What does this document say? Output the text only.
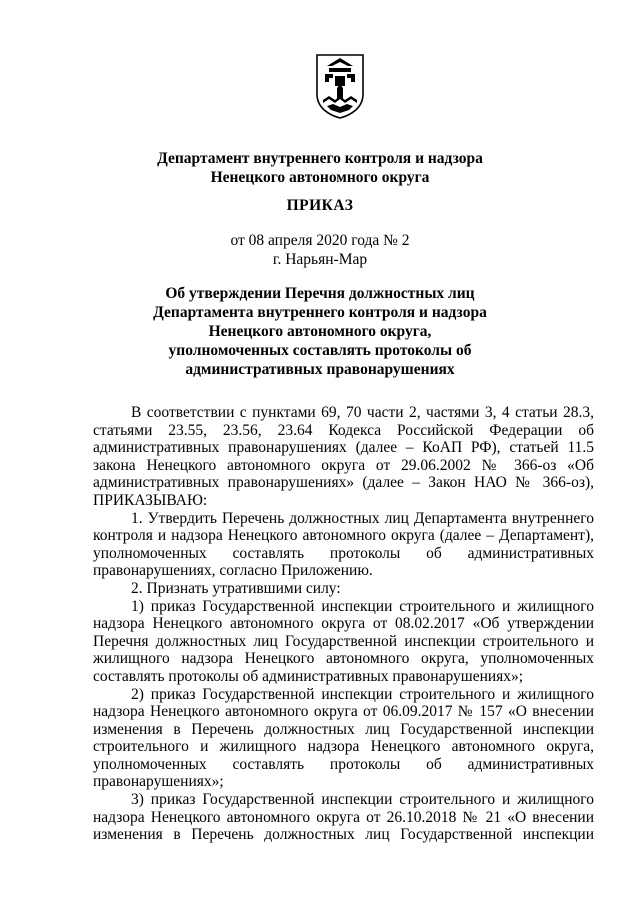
Департамент внутреннего контроля и надзора
Ненецкого автономного округа
ПРИКАЗ
от 08 апреля 2020 года № 2
г. Нарьян-Мар
Об утверждении Перечня должностных лиц
Департамента внутреннего контроля и надзора
Ненецкого автономного округа,
уполномоченных составлять протоколы об
административных правонарушениях
В соответствии с пунктами 69, 70 части 2, частями 3, 4 статьи 28.3, статьями 23.55, 23.56, 23.64 Кодекса Российской Федерации об административных правонарушениях (далее – КоАП РФ), статьей 11.5 закона Ненецкого автономного округа от 29.06.2002 № 366-оз «Об административных правонарушениях» (далее – Закон НАО № 366-оз), ПРИКАЗЫВАЮ:
1. Утвердить Перечень должностных лиц Департамента внутреннего контроля и надзора Ненецкого автономного округа (далее – Департамент), уполномоченных составлять протоколы об административных правонарушениях, согласно Приложению.
2. Признать утратившими силу:
1) приказ Государственной инспекции строительного и жилищного надзора Ненецкого автономного округа от 08.02.2017 «Об утверждении Перечня должностных лиц Государственной инспекции строительного и жилищного надзора Ненецкого автономного округа, уполномоченных составлять протоколы об административных правонарушениях»;
2) приказ Государственной инспекции строительного и жилищного надзора Ненецкого автономного округа от 06.09.2017 № 157 «О внесении изменения в Перечень должностных лиц Государственной инспекции строительного и жилищного надзора Ненецкого автономного округа, уполномоченных составлять протоколы об административных правонарушениях»;
3) приказ Государственной инспекции строительного и жилищного надзора Ненецкого автономного округа от 26.10.2018 № 21 «О внесении изменения в Перечень должностных лиц Государственной инспекции
